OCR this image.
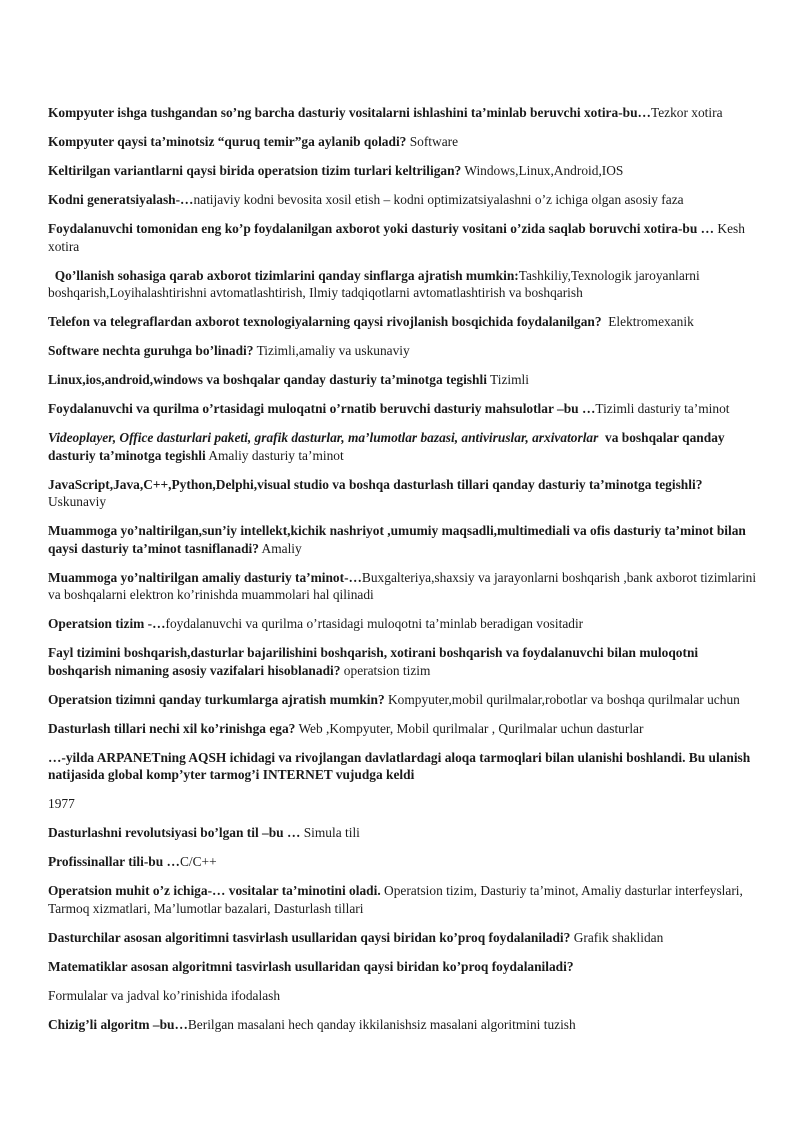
Kompyuter ishga tushgandan so’ng barcha dasturiy vositalarni ishlashini ta’minlab beruvchi xotira-bu…Tezkor xotira

Kompyuter qaysi ta’minotsiz “quruq temir”ga aylanib qoladi? Software

Keltirilgan variantlarni qaysi birida operatsion tizim turlari keltriligan? Windows,Linux,Android,IOS

Kodni generatsiyalash-…natijaviy kodni bevosita xosil etish – kodni optimizatsiyalashni o’z ichiga olgan asosiy faza

Foydalanuvchi tomonidan eng ko’p foydalanilgan axborot yoki dasturiy vositani o’zida saqlab boruvchi xotira-bu … Kesh xotira

Qo’llanish sohasiga qarab axborot tizimlarini qanday sinflarga ajratish mumkin:Tashkiliy,Texnologik jaroyanlarni boshqarish,Loyihalashtirishni avtomatlashtirish, Ilmiy tadqiqotlarni avtomatlashtirish va boshqarish

Telefon va telegraflardan axborot texnologiyalarning qaysi rivojlanish bosqichida foydalanilgan?  Elektromexanik

Software nechta guruhga bo’linadi? Tizimli,amaliy va uskunaviy

Linux,ios,android,windows va boshqalar qanday dasturiy ta’minotga tegishli Tizimli

Foydalanuvchi va qurilma o’rtasidagi muloqatni o’rnatib beruvchi dasturiy mahsulotlar –bu …Tizimli dasturiy ta’minot

Videoplayer, Office dasturlari paketi, grafik dasturlar, ma’lumotlar bazasi, antiviruslar, arxivatorlar  va boshqalar qanday dasturiy ta’minotga tegishli Amaliy dasturiy ta’minot

JavaScript,Java,C++,Python,Delphi,visual studio va boshqa dasturlash tillari qanday dasturiy ta’minotga tegishli? Uskunaviy

Muammoga yo’naltirilgan,sun’iy intellekt,kichik nashriyot ,umumiy maqsadli,multimediali va ofis dasturiy ta’minot bilan qaysi dasturiy ta’minot tasniflanadi? Amaliy

Muammoga yo’naltirilgan amaliy dasturiy ta’minot-…Buxgalteriya,shaxsiy va jarayonlarni boshqarish ,bank axborot tizimlarini va boshqalarni elektron ko’rinishda muammolari hal qilinadi

Operatsion tizim -…foydalanuvchi va qurilma o’rtasidagi muloqotni ta’minlab beradigan vositadir

Fayl tizimini boshqarish,dasturlar bajarilishini boshqarish, xotirani boshqarish va foydalanuvchi bilan muloqotni boshqarish nimaning asosiy vazifalari hisoblanadi? operatsion tizim

Operatsion tizimni qanday turkumlarga ajratish mumkin? Kompyuter,mobil qurilmalar,robotlar va boshqa qurilmalar uchun

Dasturlash tillari nechi xil ko’rinishga ega? Web ,Kompyuter, Mobil qurilmalar , Qurilmalar uchun dasturlar

…-yilda ARPANETning AQSH ichidagi va rivojlangan davlatlardagi aloqa tarmoqlari bilan ulanishi boshlandi. Bu ulanish natijasida global komp’yter tarmog’i INTERNET vujudga keldi

1977

Dasturlashni revolutsiyasi bo’lgan til –bu … Simula tili

Profissinallar tili-bu …C/C++

Operatsion muhit o’z ichiga-… vositalar ta’minotini oladi. Operatsion tizim, Dasturiy ta’minot, Amaliy dasturlar interfeyslari, Tarmoq xizmatlari, Ma’lumotlar bazalari, Dasturlash tillari

Dasturchilar asosan algoritimni tasvirlash usullaridan qaysi biridan ko’proq foydalaniladi? Grafik shaklidan

Matematiklar asosan algoritmni tasvirlash usullaridan qaysi biridan ko’proq foydalaniladi?

Formulalar va jadval ko’rinishida ifodalash

Chizig’li algoritm –bu…Berilgan masalani hech qanday ikkilanishsiz masalani algoritmini tuzish
